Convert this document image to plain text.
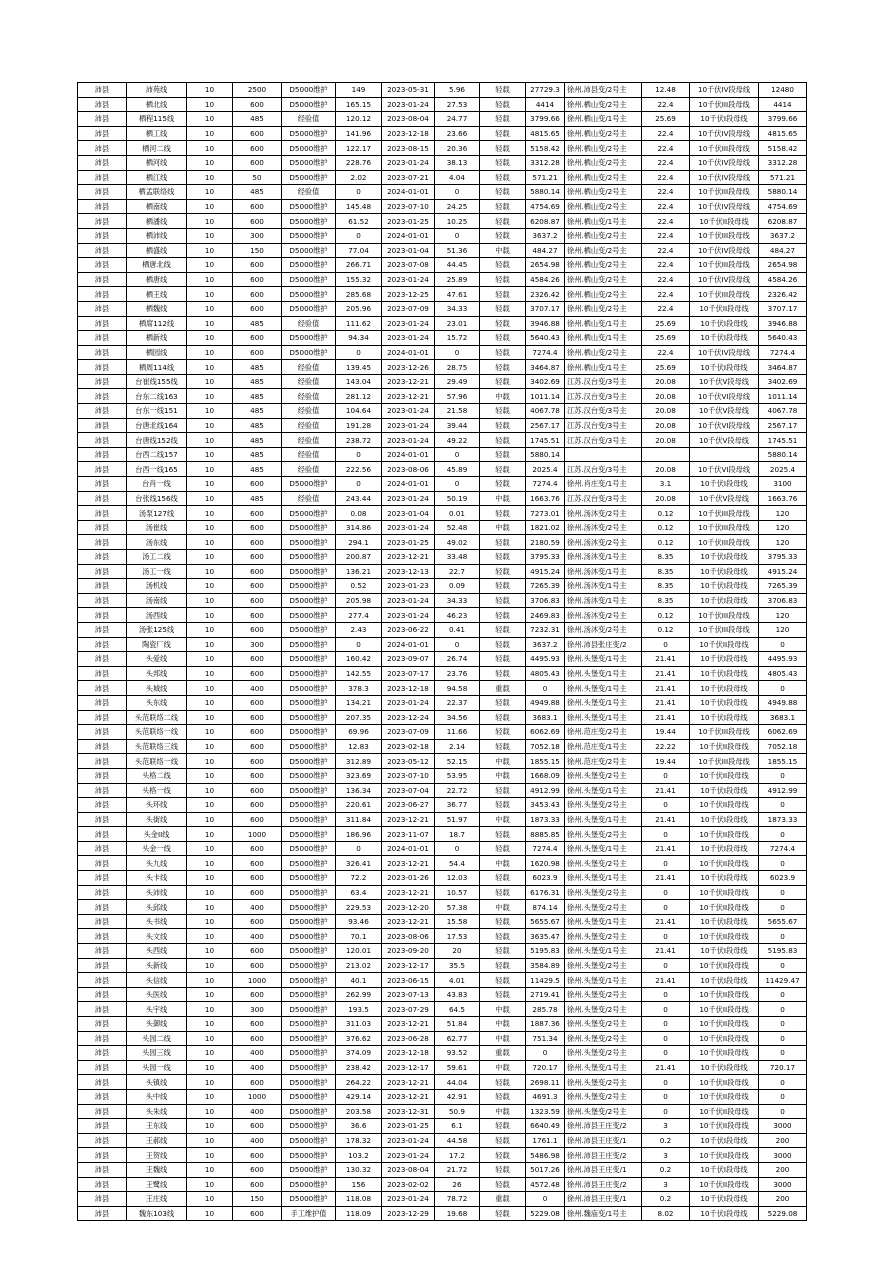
沛县	沛苑线	10	2500	D5000维护	149	2023-05-31	5.96	轻载	27729.3	徐州.沛县变/2号主	12.48	10千伏IV段母线	12480
沛县	栖北线	10	600	D5000维护	165.15	2023-01-24	27.53	轻载	4414	徐州.栖山变/2号主	22.4	10千伏III段母线	4414
沛县	栖程115线	10	485	经验值	120.12	2023-08-04	24.77	轻载	3799.66	徐州.栖山变/1号主	25.69	10千伏I段母线	3799.66
沛县	栖工线	10	600	D5000维护	141.96	2023-12-18	23.66	轻载	4815.65	徐州.栖山变/2号主	22.4	10千伏IV段母线	4815.65
沛县	栖河二线	10	600	D5000维护	122.17	2023-08-15	20.36	轻载	5158.42	徐州.栖山变/2号主	22.4	10千伏III段母线	5158.42
沛县	栖河线	10	600	D5000维护	228.76	2023-01-24	38.13	轻载	3312.28	徐州.栖山变/2号主	22.4	10千伏IV段母线	3312.28
沛县	栖江线	10	50	D5000维护	2.02	2023-07-21	4.04	轻载	571.21	徐州.栖山变/2号主	22.4	10千伏IV段母线	571.21
沛县	栖孟联络线	10	485	经验值	0	2024-01-01	0	轻载	5880.14	徐州.栖山变/2号主	22.4	10千伏III段母线	5880.14
沛县	栖南线	10	600	D5000维护	145.48	2023-07-10	24.25	轻载	4754.69	徐州.栖山变/2号主	22.4	10千伏IV段母线	4754.69
沛县	栖潘线	10	600	D5000维护	61.52	2023-01-25	10.25	轻载	6208.87	徐州.栖山变/1号主	22.4	10千伏II段母线	6208.87
沛县	栖沛线	10	300	D5000维护	0	2024-01-01	0	轻载	3637.2	徐州.栖山变/2号主	22.4	10千伏III段母线	3637.2
沛县	栖盛线	10	150	D5000维护	77.04	2023-01-04	51.36	中载	484.27	徐州.栖山变/2号主	22.4	10千伏IV段母线	484.27
沛县	栖唐北线	10	600	D5000维护	266.71	2023-07-08	44.45	轻载	2654.98	徐州.栖山变/2号主	22.4	10千伏III段母线	2654.98
沛县	栖唐线	10	600	D5000维护	155.32	2023-01-24	25.89	轻载	4584.26	徐州.栖山变/2号主	22.4	10千伏IV段母线	4584.26
沛县	栖王线	10	600	D5000维护	285.68	2023-12-25	47.61	轻载	2326.42	徐州.栖山变/2号主	22.4	10千伏III段母线	2326.42
沛县	栖魏线	10	600	D5000维护	205.96	2023-07-09	34.33	轻载	3707.17	徐州.栖山变/2号主	22.4	10千伏II段母线	3707.17
沛县	栖席112线	10	485	经验值	111.62	2023-01-24	23.01	轻载	3946.88	徐州.栖山变/1号主	25.69	10千伏I段母线	3946.88
沛县	栖新线	10	600	D5000维护	94.34	2023-01-24	15.72	轻载	5640.43	徐州.栖山变/1号主	25.69	10千伏I段母线	5640.43
沛县	栖园线	10	600	D5000维护	0	2024-01-01	0	轻载	7274.4	徐州.栖山变/2号主	22.4	10千伏IV段母线	7274.4
沛县	栖周114线	10	485	经验值	139.45	2023-12-26	28.75	轻载	3464.87	徐州.栖山变/1号主	25.69	10千伏I段母线	3464.87
沛县	台崔线155线	10	485	经验值	143.04	2023-12-21	29.49	轻载	3402.69	江苏.汉台变/3号主	20.08	10千伏V段母线	3402.69
沛县	台东二线163	10	485	经验值	281.12	2023-12-21	57.96	中载	1011.14	江苏.汉台变/3号主	20.08	10千伏VI段母线	1011.14
沛县	台东一线151	10	485	经验值	104.64	2023-01-24	21.58	轻载	4067.78	江苏.汉台变/3号主	20.08	10千伏V段母线	4067.78
沛县	台唐北线164	10	485	经验值	191.28	2023-01-24	39.44	轻载	2567.17	江苏.汉台变/3号主	20.08	10千伏VI段母线	2567.17
沛县	台唐线152线	10	485	经验值	238.72	2023-01-24	49.22	轻载	1745.51	江苏.汉台变/3号主	20.08	10千伏V段母线	1745.51
沛县	台西二线157	10	485	经验值	0	2024-01-01	0	轻载	5880.14				5880.14
沛县	台西一线165	10	485	经验值	222.56	2023-08-06	45.89	轻载	2025.4	江苏.汉台变/3号主	20.08	10千伏VI段母线	2025.4
沛县	台肖一线	10	600	D5000维护	0	2024-01-01	0	轻载	7274.4	徐州.肖庄变/1号主	3.1	10千伏I段母线	3100
沛县	台张线156线	10	485	经验值	243.44	2023-01-24	50.19	中载	1663.76	江苏.汉台变/3号主	20.08	10千伏V段母线	1663.76
沛县	汤泵127线	10	600	D5000维护	0.08	2023-01-04	0.01	轻载	7273.01	徐州.汤沐变/2号主	0.12	10千伏III段母线	120
沛县	汤崔线	10	600	D5000维护	314.86	2023-01-24	52.48	中载	1821.02	徐州.汤沐变/2号主	0.12	10千伏III段母线	120
沛县	汤东线	10	600	D5000维护	294.1	2023-01-25	49.02	轻载	2180.59	徐州.汤沐变/2号主	0.12	10千伏III段母线	120
沛县	汤工二线	10	600	D5000维护	200.87	2023-12-21	33.48	轻载	3795.33	徐州.汤沐变/1号主	8.35	10千伏I段母线	3795.33
沛县	汤工一线	10	600	D5000维护	136.21	2023-12-13	22.7	轻载	4915.24	徐州.汤沐变/1号主	8.35	10千伏I段母线	4915.24
沛县	汤机线	10	600	D5000维护	0.52	2023-01-23	0.09	轻载	7265.39	徐州.汤沐变/1号主	8.35	10千伏I段母线	7265.39
沛县	汤南线	10	600	D5000维护	205.98	2023-01-24	34.33	轻载	3706.83	徐州.汤沐变/1号主	8.35	10千伏I段母线	3706.83
沛县	汤西线	10	600	D5000维护	277.4	2023-01-24	46.23	轻载	2469.83	徐州.汤沐变/2号主	0.12	10千伏III段母线	120
沛县	汤张125线	10	600	D5000维护	2.43	2023-06-22	0.41	轻载	7232.31	徐州.汤沐变/2号主	0.12	10千伏III段母线	120
沛县	陶瓷厂线	10	300	D5000维护	0	2024-01-01	0	轻载	3637.2	徐州.沛县张庄变/2	0	10千伏II段母线	0
沛县	头爱线	10	600	D5000维护	160.42	2023-09-07	26.74	轻载	4495.93	徐州.头堡变/1号主	21.41	10千伏I段母线	4495.93
沛县	头邦线	10	600	D5000维护	142.55	2023-07-17	23.76	轻载	4805.43	徐州.头堡变/1号主	21.41	10千伏I段母线	4805.43
沛县	头城线	10	400	D5000维护	378.3	2023-12-18	94.58	重载	0	徐州.头堡变/1号主	21.41	10千伏I段母线	0
沛县	头东线	10	600	D5000维护	134.21	2023-01-24	22.37	轻载	4949.88	徐州.头堡变/1号主	21.41	10千伏I段母线	4949.88
沛县	头范联络二线	10	600	D5000维护	207.35	2023-12-24	34.56	轻载	3683.1	徐州.头堡变/1号主	21.41	10千伏I段母线	3683.1
沛县	头范联络一线	10	600	D5000维护	69.96	2023-07-09	11.66	轻载	6062.69	徐州.范庄变/2号主	19.44	10千伏III段母线	6062.69
沛县	头范联络三线	10	600	D5000维护	12.83	2023-02-18	2.14	轻载	7052.18	徐州.范庄变/1号主	22.22	10千伏II段母线	7052.18
沛县	头范联络一线	10	600	D5000维护	312.89	2023-05-12	52.15	中载	1855.15	徐州.范庄变/2号主	19.44	10千伏III段母线	1855.15
沛县	头格二线	10	600	D5000维护	323.69	2023-07-10	53.95	中载	1668.09	徐州.头堡变/2号主	0	10千伏II段母线	0
沛县	头格一线	10	600	D5000维护	136.34	2023-07-04	22.72	轻载	4912.99	徐州.头堡变/1号主	21.41	10千伏I段母线	4912.99
沛县	头环线	10	600	D5000维护	220.61	2023-06-27	36.77	轻载	3453.43	徐州.头堡变/2号主	0	10千伏II段母线	0
沛县	头街线	10	600	D5000维护	311.84	2023-12-21	51.97	中载	1873.33	徐州.头堡变/1号主	21.41	10千伏I段母线	1873.33
沛县	头金II线	10	1000	D5000维护	186.96	2023-11-07	18.7	轻载	8885.85	徐州.头堡变/2号主	0	10千伏II段母线	0
沛县	头金一线	10	600	D5000维护	0	2024-01-01	0	轻载	7274.4	徐州.头堡变/1号主	21.41	10千伏I段母线	7274.4
沛县	头九线	10	600	D5000维护	326.41	2023-12-21	54.4	中载	1620.98	徐州.头堡变/2号主	0	10千伏II段母线	0
沛县	头卡线	10	600	D5000维护	72.2	2023-01-26	12.03	轻载	6023.9	徐州.头堡变/1号主	21.41	10千伏I段母线	6023.9
沛县	头沛线	10	600	D5000维护	63.4	2023-12-21	10.57	轻载	6176.31	徐州.头堡变/2号主	0	10千伏II段母线	0
沛县	头邱线	10	400	D5000维护	229.53	2023-12-20	57.38	中载	874.14	徐州.头堡变/2号主	0	10千伏II段母线	0
沛县	头书线	10	600	D5000维护	93.46	2023-12-21	15.58	轻载	5655.67	徐州.头堡变/1号主	21.41	10千伏I段母线	5655.67
沛县	头文线	10	400	D5000维护	70.1	2023-08-06	17.53	轻载	3635.47	徐州.头堡变/2号主	0	10千伏II段母线	0
沛县	头西线	10	600	D5000维护	120.01	2023-09-20	20	轻载	5195.83	徐州.头堡变/1号主	21.41	10千伏I段母线	5195.83
沛县	头新线	10	600	D5000维护	213.02	2023-12-17	35.5	轻载	3584.89	徐州.头堡变/2号主	0	10千伏II段母线	0
沛县	头信线	10	1000	D5000维护	40.1	2023-06-15	4.01	轻载	11429.5	徐州.头堡变/1号主	21.41	10千伏I段母线	11429.47
沛县	头医线	10	600	D5000维护	262.99	2023-07-13	43.83	轻载	2719.41	徐州.头堡变/2号主	0	10千伏II段母线	0
沛县	头宇线	10	300	D5000维护	193.5	2023-07-29	64.5	中载	285.78	徐州.头堡变/2号主	0	10千伏II段母线	0
沛县	头御线	10	600	D5000维护	311.03	2023-12-21	51.84	中载	1887.36	徐州.头堡变/2号主	0	10千伏II段母线	0
沛县	头园二线	10	600	D5000维护	376.62	2023-06-28	62.77	中载	751.34	徐州.头堡变/2号主	0	10千伏II段母线	0
沛县	头园三线	10	400	D5000维护	374.09	2023-12-18	93.52	重载	0	徐州.头堡变/2号主	0	10千伏II段母线	0
沛县	头园一线	10	400	D5000维护	238.42	2023-12-17	59.61	中载	720.17	徐州.头堡变/1号主	21.41	10千伏I段母线	720.17
沛县	头镇线	10	600	D5000维护	264.22	2023-12-21	44.04	轻载	2698.11	徐州.头堡变/2号主	0	10千伏II段母线	0
沛县	头中线	10	1000	D5000维护	429.14	2023-12-21	42.91	轻载	4691.3	徐州.头堡变/2号主	0	10千伏II段母线	0
沛县	头朱线	10	400	D5000维护	203.58	2023-12-31	50.9	中载	1323.59	徐州.头堡变/2号主	0	10千伏II段母线	0
沛县	王东线	10	600	D5000维护	36.6	2023-01-25	6.1	轻载	6640.49	徐州.沛县王庄变/2	3	10千伏II段母线	3000
沛县	王郝线	10	400	D5000维护	178.32	2023-01-24	44.58	轻载	1761.1	徐州.沛县王庄变/1	0.2	10千伏I段母线	200
沛县	王贺线	10	600	D5000维护	103.2	2023-01-24	17.2	轻载	5486.98	徐州.沛县王庄变/2	3	10千伏II段母线	3000
沛县	王魏线	10	600	D5000维护	130.32	2023-08-04	21.72	轻载	5017.26	徐州.沛县王庄变/1	0.2	10千伏I段母线	200
沛县	王鹭线	10	600	D5000维护	156	2023-02-02	26	轻载	4572.48	徐州.沛县王庄变/2	3	10千伏II段母线	3000
沛县	王庄线	10	150	D5000维护	118.08	2023-01-24	78.72	重载	0	徐州.沛县王庄变/1	0.2	10千伏I段母线	200
沛县	魏东103线	10	600	手工维护值	118.09	2023-12-29	19.68	轻载	5229.08	徐州.魏庙变/1号主	8.02	10千伏I段母线	5229.08
